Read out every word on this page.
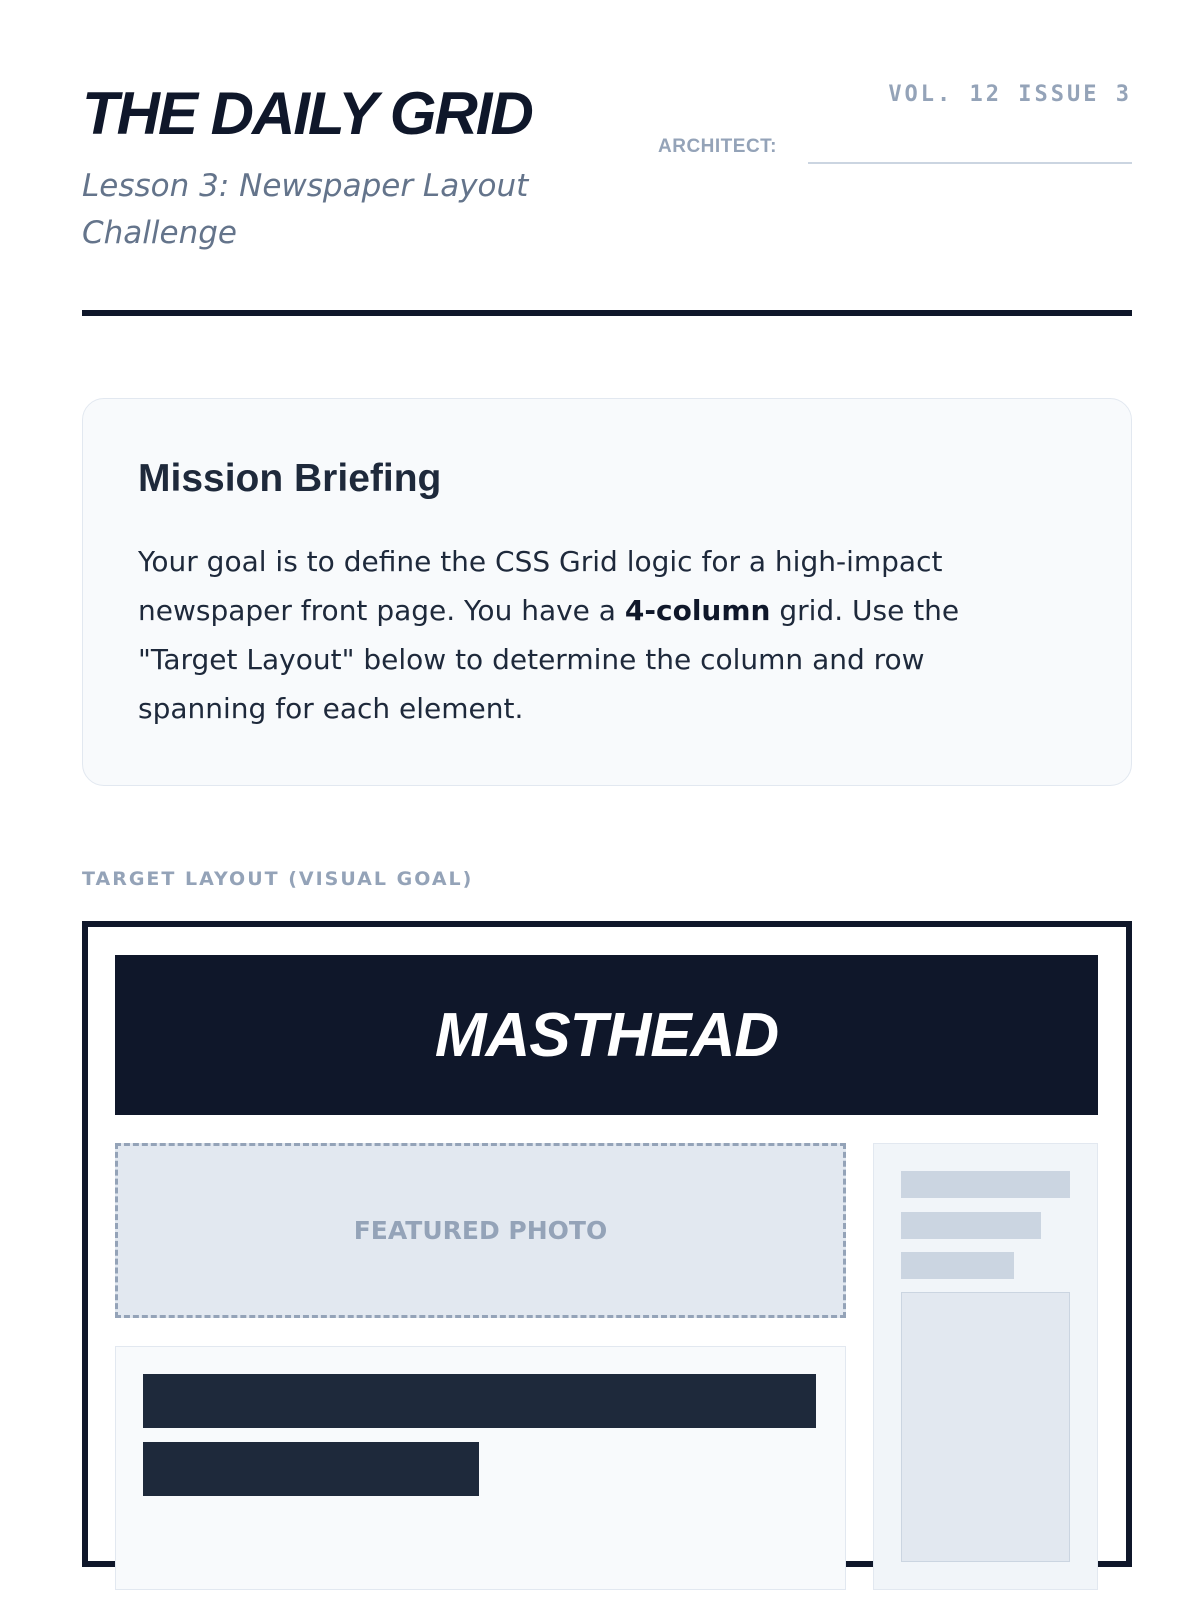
THE DAILY GRID

Lesson 3: Newspaper Layout Challenge

VOL. 12 ISSUE 3
ARCHITECT:
Mission Briefing

Your goal is to define the CSS Grid logic for a high-impact newspaper front page. You have a 4-column grid. Use the "Target Layout" below to determine the column and row spanning for each element.

TARGET LAYOUT (VISUAL GOAL)
MASTHEAD
FEATURED PHOTO
